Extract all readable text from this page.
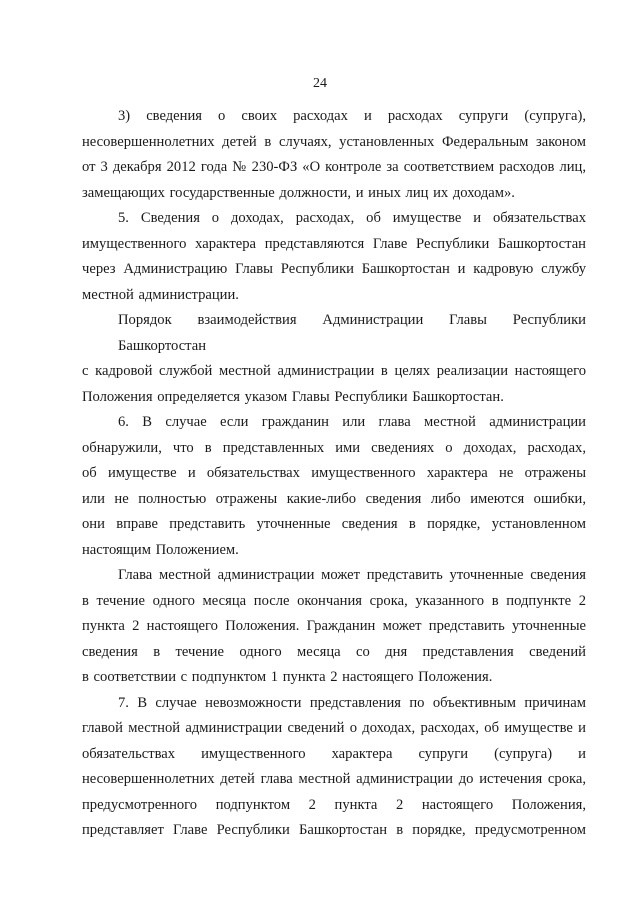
24
3) сведения о своих расходах и расходах супруги (супруга),
несовершеннолетних детей в случаях, установленных Федеральным законом
от 3 декабря 2012 года № 230-ФЗ «О контроле за соответствием расходов лиц,
замещающих государственные должности, и иных лиц их доходам».
5. Сведения о доходах, расходах, об имуществе и обязательствах
имущественного характера представляются Главе Республики Башкортостан
через Администрацию Главы Республики Башкортостан и кадровую службу
местной администрации.
Порядок взаимодействия Администрации Главы Республики Башкортостан
с кадровой службой местной администрации в целях реализации настоящего
Положения определяется указом Главы Республики Башкортостан.
6. В случае если гражданин или глава местной администрации
обнаружили, что в представленных ими сведениях о доходах, расходах,
об имуществе и обязательствах имущественного характера не отражены
или не полностью отражены какие-либо сведения либо имеются ошибки,
они вправе представить уточненные сведения в порядке, установленном
настоящим Положением.
Глава местной администрации может представить уточненные сведения
в течение одного месяца после окончания срока, указанного в подпункте 2
пункта 2 настоящего Положения. Гражданин может представить уточненные
сведения в течение одного месяца со дня представления сведений
в соответствии с подпунктом 1 пункта 2 настоящего Положения.
7. В случае невозможности представления по объективным причинам
главой местной администрации сведений о доходах, расходах, об имуществе и
обязательствах имущественного характера супруги (супруга) и
несовершеннолетних детей глава местной администрации до истечения срока,
предусмотренного подпунктом 2 пункта 2 настоящего Положения,
представляет Главе Республики Башкортостан в порядке, предусмотренном
